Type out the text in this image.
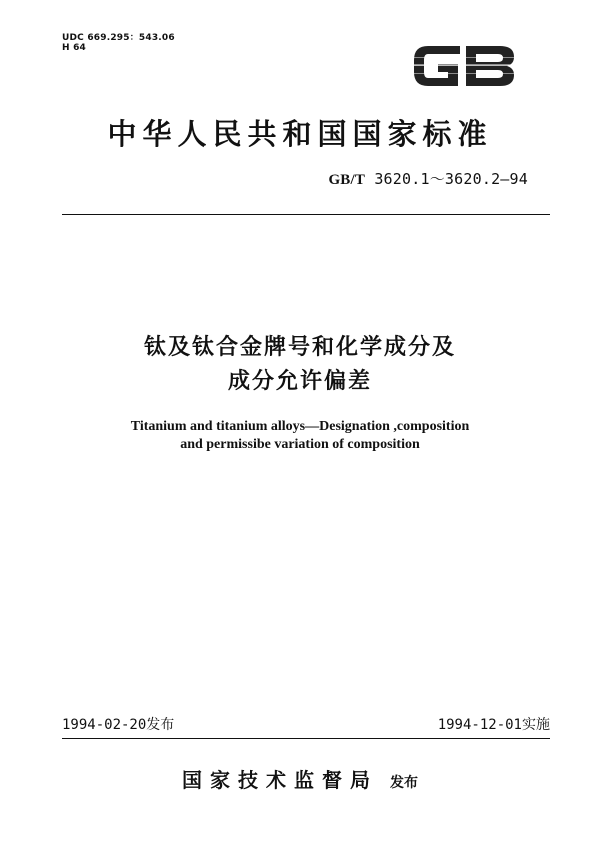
UDC 669.295：543.06
H 64
中华人民共和国国家标准
GB/T 3620.1～3620.2—94
钛及钛合金牌号和化学成分及
成分允许偏差
Titanium and titanium alloys—Designation ,composition
and permissibe variation of composition
1994-02-20发布	1994-12-01实施
国家技术监督局 发布
